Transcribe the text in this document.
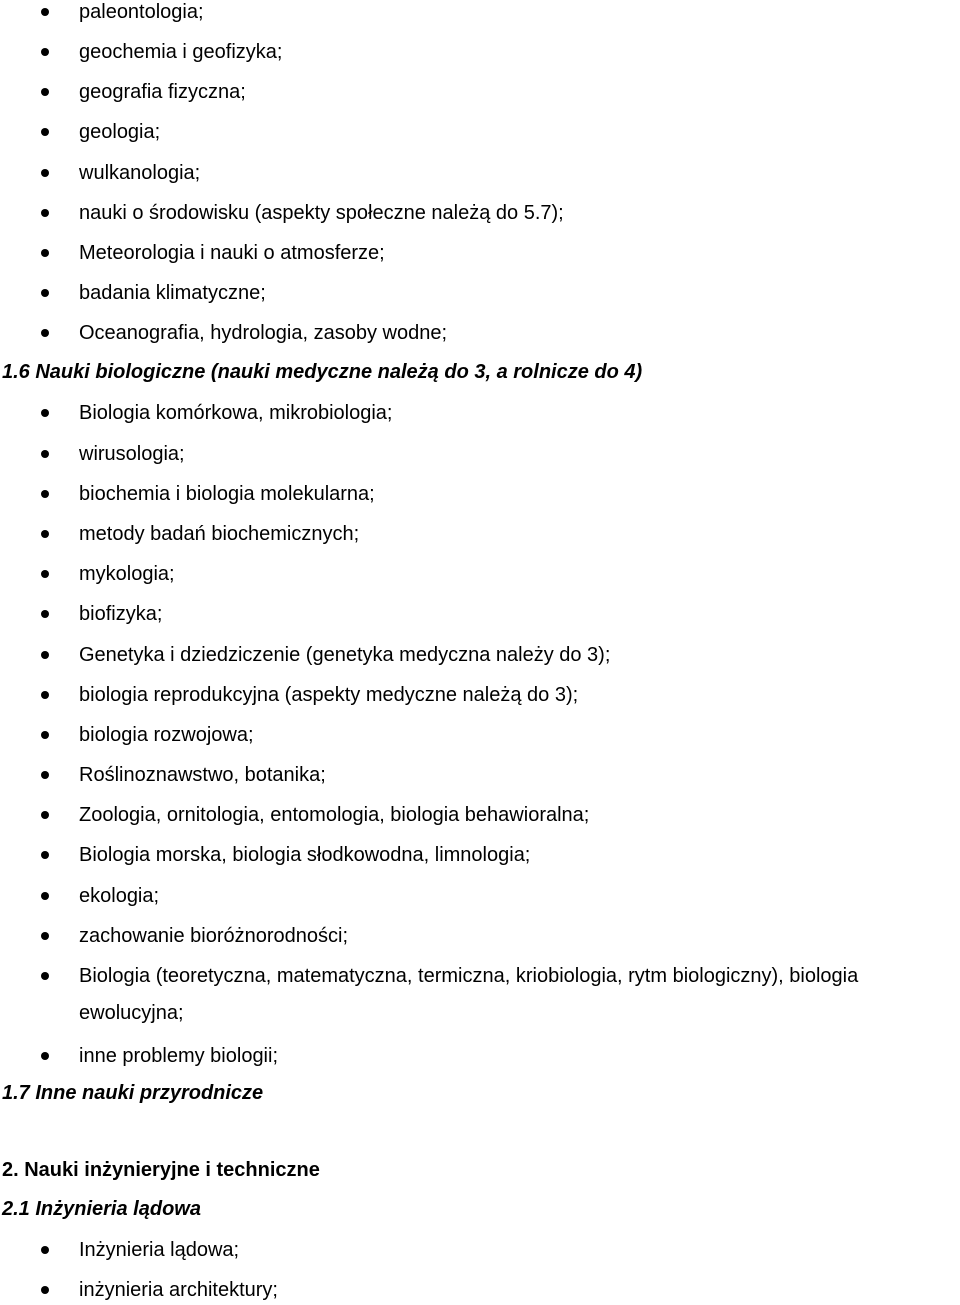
paleontologia;
geochemia i geofizyka;
geografia fizyczna;
geologia;
wulkanologia;
nauki o środowisku (aspekty społeczne należą do 5.7);
Meteorologia i nauki o atmosferze;
badania klimatyczne;
Oceanografia, hydrologia, zasoby wodne;
1.6 Nauki biologiczne (nauki medyczne należą do 3, a rolnicze do 4)
Biologia komórkowa, mikrobiologia;
wirusologia;
biochemia i biologia molekularna;
metody badań biochemicznych;
mykologia;
biofizyka;
Genetyka i dziedziczenie (genetyka medyczna należy do 3);
biologia reprodukcyjna (aspekty medyczne należą do 3);
biologia rozwojowa;
Roślinoznawstwo, botanika;
Zoologia, ornitologia, entomologia, biologia behawioralna;
Biologia morska, biologia słodkowodna, limnologia;
ekologia;
zachowanie bioróżnorodności;
Biologia (teoretyczna, matematyczna, termiczna, kriobiologia, rytm biologiczny), biologia
ewolucyjna;
inne problemy biologii;
1.7 Inne nauki przyrodnicze
2. Nauki inżynieryjne i techniczne
2.1 Inżynieria lądowa
Inżynieria lądowa;
inżynieria architektury;
